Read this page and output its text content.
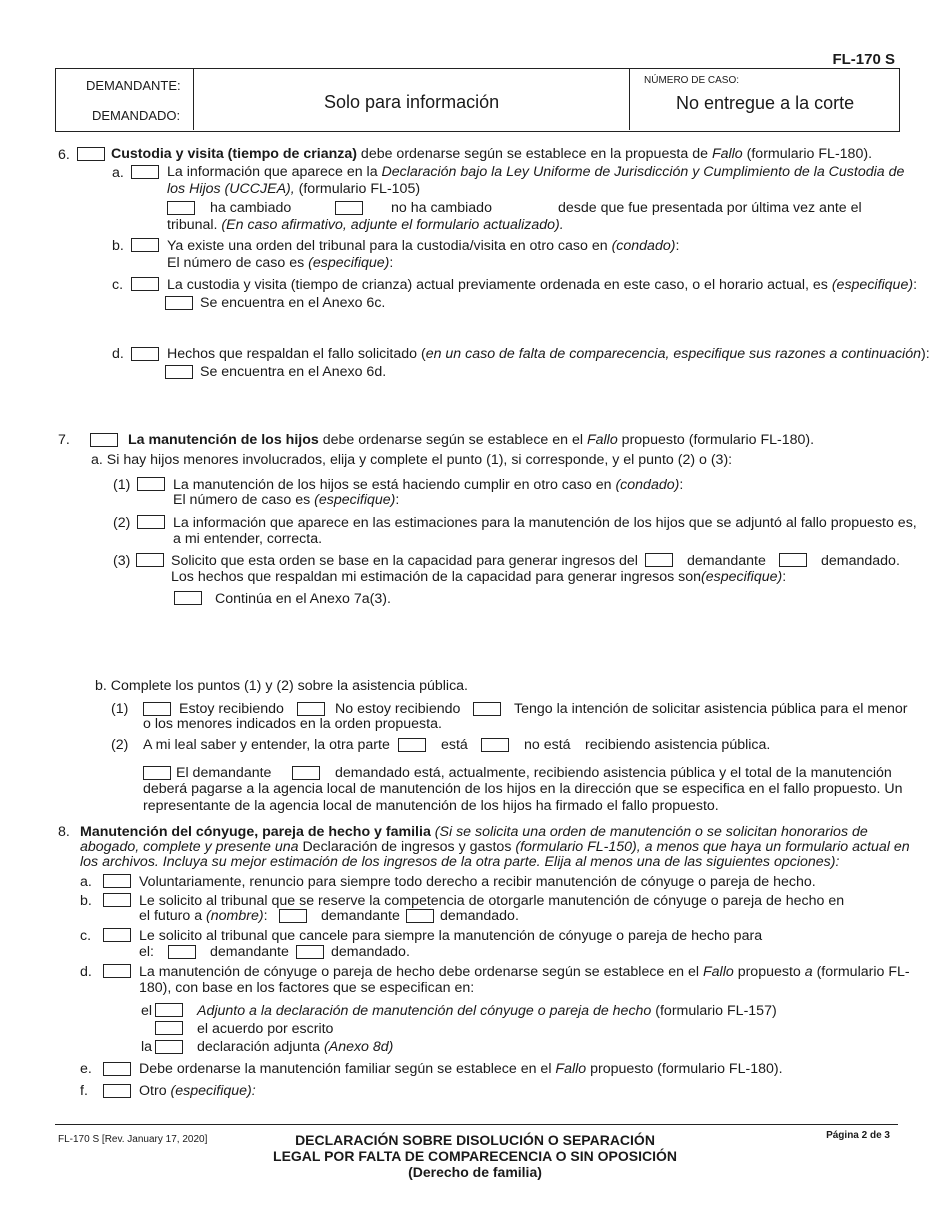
FL-170 S
DEMANDANTE:
DEMANDADO:
Solo para información
NÚMERO DE CASO:
No entregue a la corte
6.	Custodia y visita (tiempo de crianza) debe ordenarse según se establece en la propuesta de Fallo (formulario FL-180).
a.	La información que aparece en la Declaración bajo la Ley Uniforme de Jurisdicción y Cumplimiento de la Custodia de
los Hijos (UCCJEA), (formulario FL-105)
ha cambiado	no ha cambiado	desde que fue presentada por última vez ante el
tribunal. (En caso afirmativo, adjunte el formulario actualizado).
b.	Ya existe una orden del tribunal para la custodia/visita en otro caso en (condado):
El número de caso es (especifique):
c.	La custodia y visita (tiempo de crianza) actual previamente ordenada en este caso, o el horario actual, es (especifique):
Se encuentra en el Anexo 6c.
d.	Hechos que respaldan el fallo solicitado (en un caso de falta de comparecencia, especifique sus razones a continuación):
Se encuentra en el Anexo 6d.
7.	La manutención de los hijos debe ordenarse según se establece en el Fallo propuesto (formulario FL-180).
a. Si hay hijos menores involucrados, elija y complete el punto (1), si corresponde, y el punto (2) o (3):
(1)	La manutención de los hijos se está haciendo cumplir en otro caso en (condado):
El número de caso es (especifique):
(2)	La información que aparece en las estimaciones para la manutención de los hijos que se adjuntó al fallo propuesto es,
a mi entender, correcta.
(3)	Solicito que esta orden se base en la capacidad para generar ingresos del	demandante	demandado.
Los hechos que respaldan mi estimación de la capacidad para generar ingresos son(especifique):
Continúa en el Anexo 7a(3).
b. Complete los puntos (1) y (2) sobre la asistencia pública.
(1)	Estoy recibiendo	No estoy recibiendo	Tengo la intención de solicitar asistencia pública para el menor
o los menores indicados en la orden propuesta.
(2) A mi leal saber y entender, la otra parte	está	no está recibiendo asistencia pública.
El demandante	demandado está, actualmente, recibiendo asistencia pública y el total de la manutención
deberá pagarse a la agencia local de manutención de los hijos en la dirección que se especifica en el fallo propuesto. Un
representante de la agencia local de manutención de los hijos ha firmado el fallo propuesto.
8. Manutención del cónyuge, pareja de hecho y familia (Si se solicita una orden de manutención o se solicitan honorarios de
abogado, complete y presente una Declaración de ingresos y gastos (formulario FL-150), a menos que haya un formulario actual en
los archivos. Incluya su mejor estimación de los ingresos de la otra parte. Elija al menos una de las siguientes opciones):
a.	Voluntariamente, renuncio para siempre todo derecho a recibir manutención de cónyuge o pareja de hecho.
b.	Le solicito al tribunal que se reserve la competencia de otorgarle manutención de cónyuge o pareja de hecho en
el futuro a (nombre):	demandante	demandado.
c.	Le solicito al tribunal que cancele para siempre la manutención de cónyuge o pareja de hecho para
el:	demandante	demandado.
d.	La manutención de cónyuge o pareja de hecho debe ordenarse según se establece en el Fallo propuesto a (formulario FL-
180), con base en los factores que se especifican en:
el	Adjunto a la declaración de manutención del cónyuge o pareja de hecho (formulario FL-157)
el acuerdo por escrito
la	declaración adjunta (Anexo 8d)
e.	Debe ordenarse la manutención familiar según se establece en el Fallo propuesto (formulario FL-180).
f.	Otro (especifique):
FL-170 S [Rev. January 17, 2020]	DECLARACIÓN SOBRE DISOLUCIÓN O SEPARACIÓN
LEGAL POR FALTA DE COMPARECENCIA O SIN OPOSICIÓN
(Derecho de familia)
Página 2 de 3
